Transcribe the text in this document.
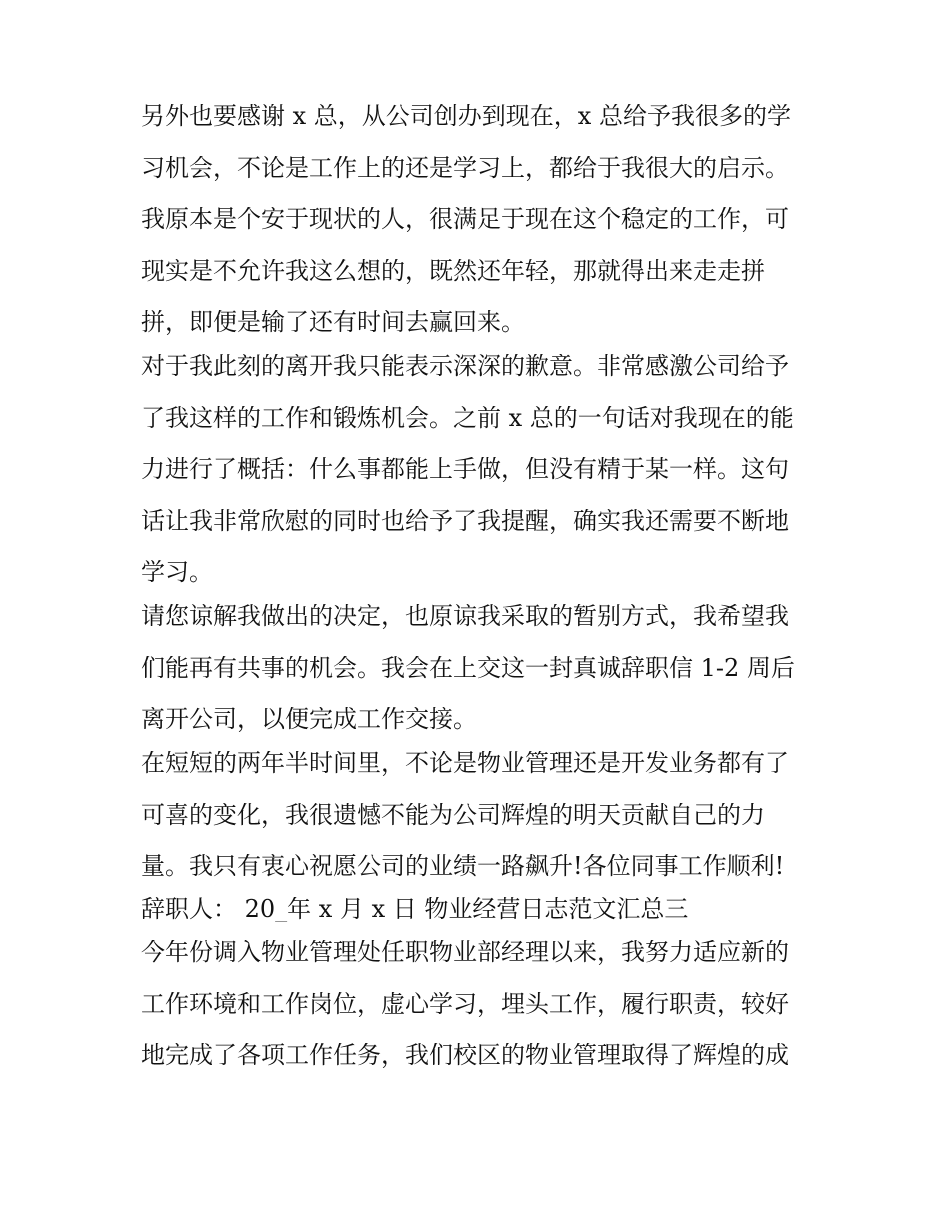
另外也要感谢 x 总，从公司创办到现在，x 总给予我很多的学
习机会，不论是工作上的还是学习上，都给于我很大的启示。
我原本是个安于现状的人，很满足于现在这个稳定的工作，可
现实是不允许我这么想的，既然还年轻，那就得出来走走拼
拼，即便是输了还有时间去赢回来。
对于我此刻的离开我只能表示深深的歉意。非常感激公司给予
了我这样的工作和锻炼机会。之前 x 总的一句话对我现在的能
力进行了概括：什么事都能上手做，但没有精于某一样。这句
话让我非常欣慰的同时也给予了我提醒，确实我还需要不断地
学习。
请您谅解我做出的决定，也原谅我采取的暂别方式，我希望我
们能再有共事的机会。我会在上交这一封真诚辞职信 1-2 周后
离开公司，以便完成工作交接。
在短短的两年半时间里，不论是物业管理还是开发业务都有了
可喜的变化，我很遗憾不能为公司辉煌的明天贡献自己的力
量。我只有衷心祝愿公司的业绩一路飙升!各位同事工作顺利!
辞职人： 20_年 x 月 x 日 物业经营日志范文汇总三
今年份调入物业管理处任职物业部经理以来，我努力适应新的
工作环境和工作岗位，虚心学习，埋头工作，履行职责，较好
地完成了各项工作任务，我们校区的物业管理取得了辉煌的成
